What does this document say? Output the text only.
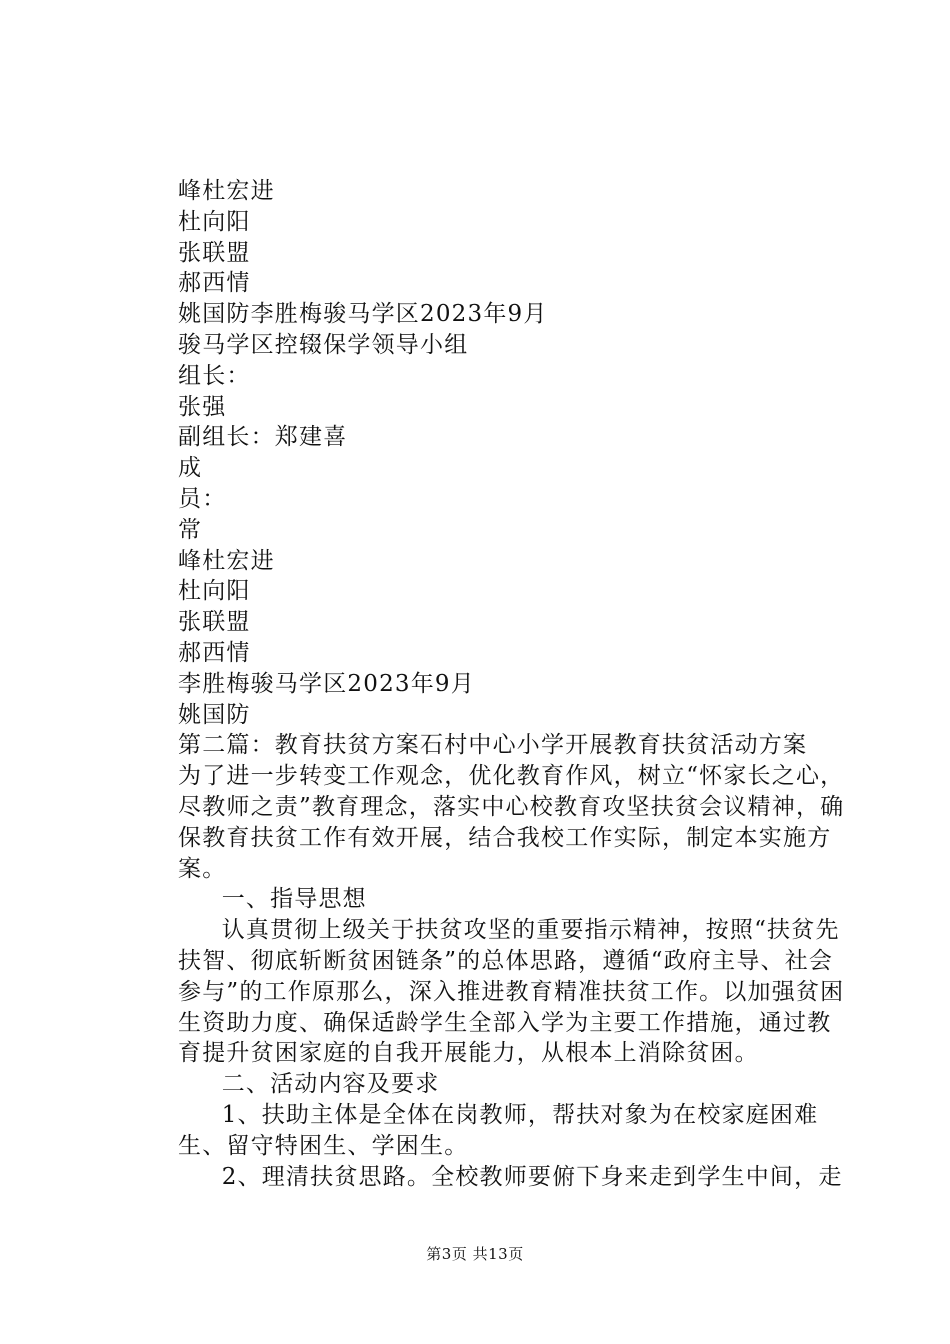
峰杜宏进
杜向阳
张联盟
郝西情
姚国防李胜梅骏马学区2023年9月
骏马学区控辍保学领导小组
组长：
张强
副组长：郑建喜
成
员：
常
峰杜宏进
杜向阳
张联盟
郝西情
李胜梅骏马学区2023年9月
姚国防
第二篇：教育扶贫方案石村中心小学开展教育扶贫活动方案
为了进一步转变工作观念，优化教育作风，树立“怀家长之心，尽教师之责”教育理念，落实中心校教育攻坚扶贫会议精神，确保教育扶贫工作有效开展，结合我校工作实际，制定本实施方案。
一、指导思想
认真贯彻上级关于扶贫攻坚的重要指示精神，按照“扶贫先扶智、彻底斩断贫困链条”的总体思路，遵循“政府主导、社会参与”的工作原那么，深入推进教育精准扶贫工作。以加强贫困生资助力度、确保适龄学生全部入学为主要工作措施，通过教育提升贫困家庭的自我开展能力，从根本上消除贫困。
二、活动内容及要求
1、扶助主体是全体在岗教师，帮扶对象为在校家庭困难生、留守特困生、学困生。
2、理清扶贫思路。全校教师要俯下身来走到学生中间，走
第3页 共13页
